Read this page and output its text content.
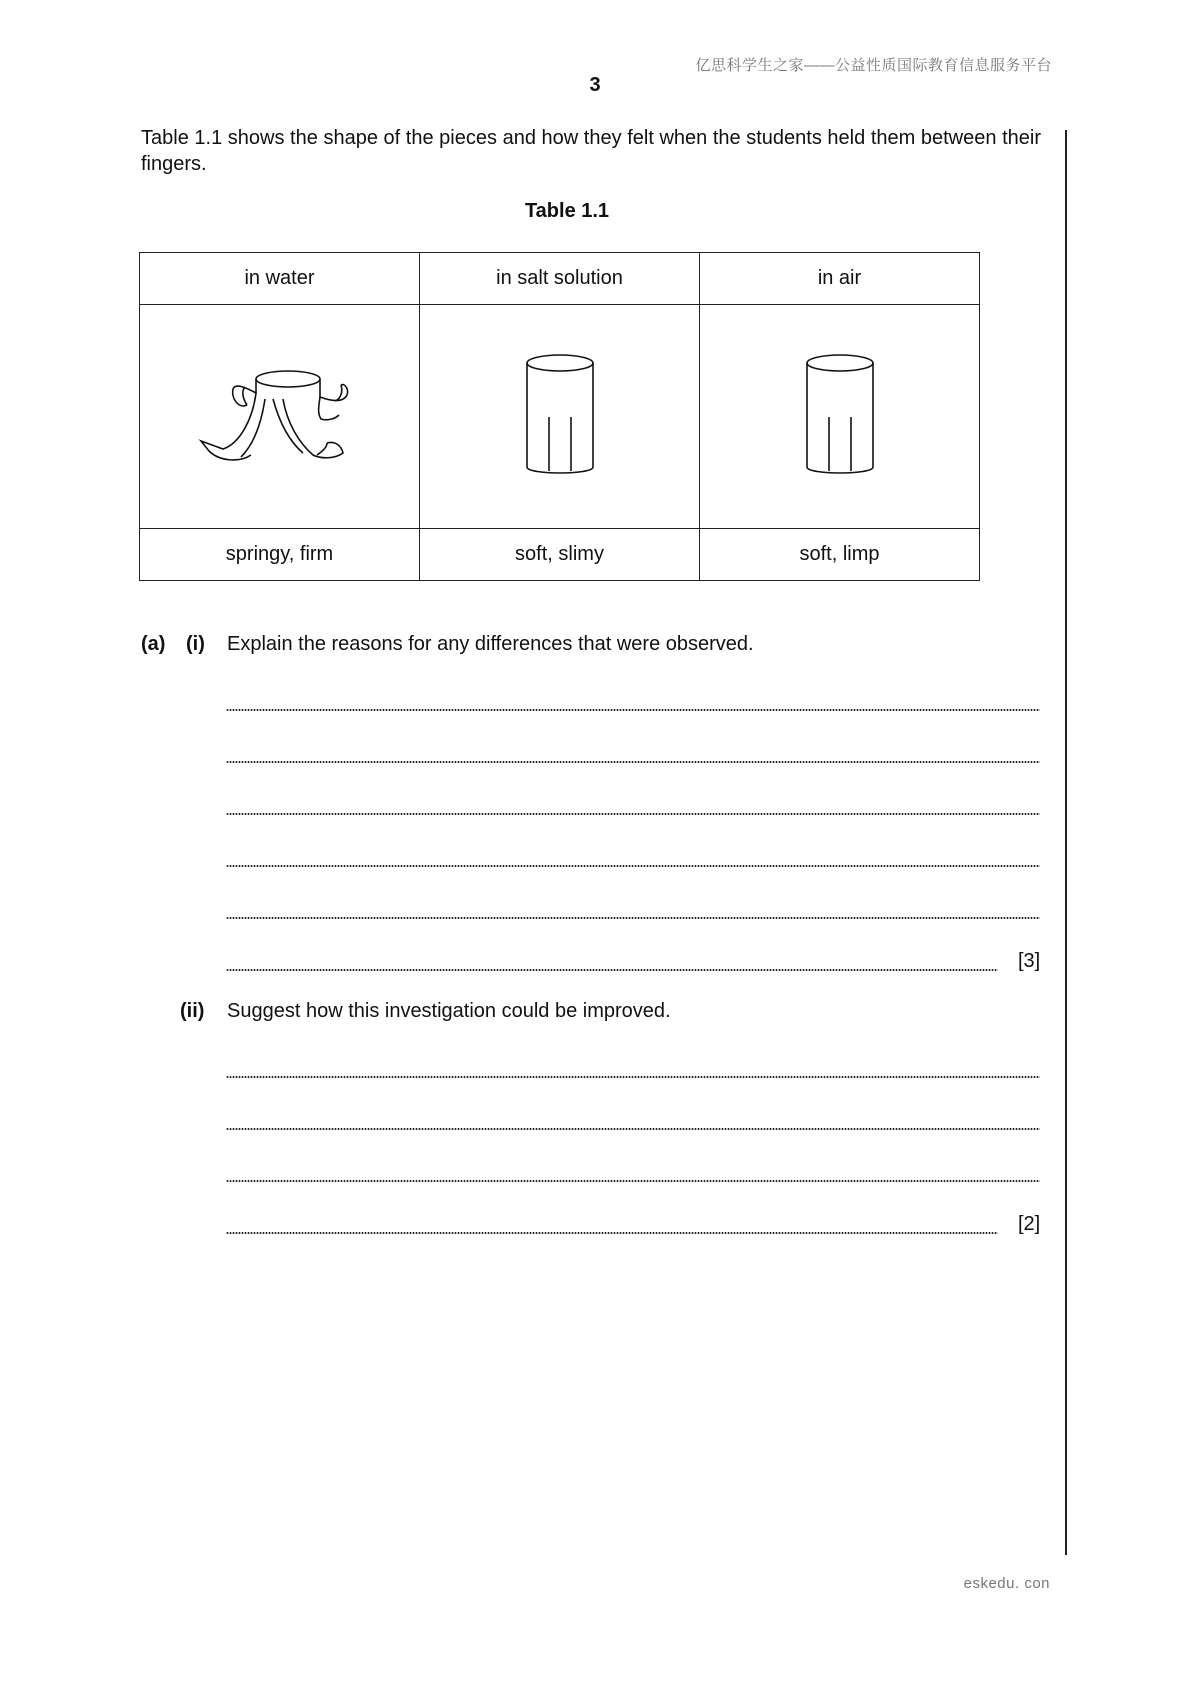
亿思科学生之家——公益性质国际教育信息服务平台
3
Table 1.1 shows the shape of the pieces and how they felt when the students held them between their fingers.
Table 1.1
in water	in salt solution	in air

springy, firm	soft, slimy	soft, limp
(a) (i) Explain the reasons for any differences that were observed.
[3]
(ii) Suggest how this investigation could be improved.
[2]
eskedu. con
